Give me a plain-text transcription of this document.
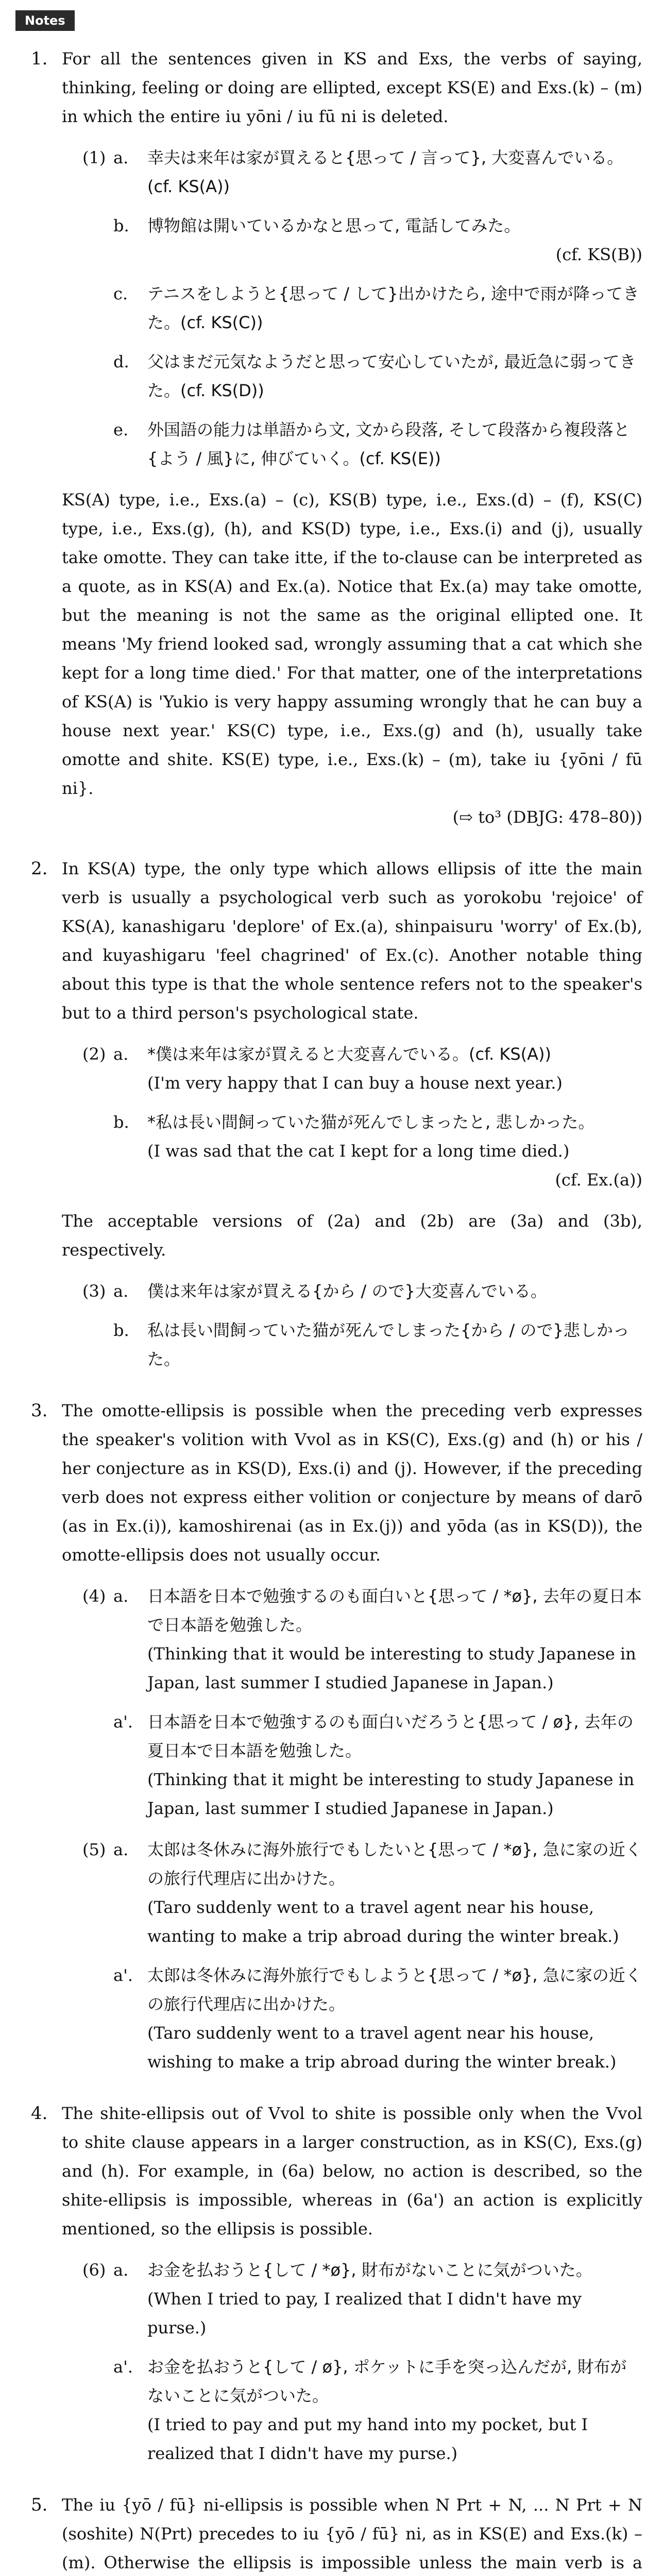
Notes
1. For all the sentences given in KS and Exs, the verbs of saying, thinking, feeling or doing are ellipted, except KS(E) and Exs.(k) – (m) in which the entire iu yōni / iu fū ni is deleted.

(1) a. 幸夫は来年は家が買えると{思って / 言って}, 大変喜んでいる。(cf. KS(A))

b. 博物館は開いているかなと思って, 電話してみた。

(cf. KS(B))

c. テニスをしようと{思って / して}出かけたら, 途中で雨が降ってきた。(cf. KS(C))

d. 父はまだ元気なようだと思って安心していたが, 最近急に弱ってきた。(cf. KS(D))

e. 外国語の能力は単語から文, 文から段落, そして段落から複段落と{よう / 風}に, 伸びていく。(cf. KS(E))

KS(A) type, i.e., Exs.(a) – (c), KS(B) type, i.e., Exs.(d) – (f), KS(C) type, i.e., Exs.(g), (h), and KS(D) type, i.e., Exs.(i) and (j), usually take omotte. They can take itte, if the to-clause can be interpreted as a quote, as in KS(A) and Ex.(a). Notice that Ex.(a) may take omotte, but the meaning is not the same as the original ellipted one. It means 'My friend looked sad, wrongly assuming that a cat which she kept for a long time died.' For that matter, one of the interpretations of KS(A) is 'Yukio is very happy assuming wrongly that he can buy a house next year.' KS(C) type, i.e., Exs.(g) and (h), usually take omotte and shite. KS(E) type, i.e., Exs.(k) – (m), take iu {yōni / fū ni}.

(⇨ to³ (DBJG: 478–80))

2. In KS(A) type, the only type which allows ellipsis of itte the main verb is usually a psychological verb such as yorokobu 'rejoice' of KS(A), kanashigaru 'deplore' of Ex.(a), shinpaisuru 'worry' of Ex.(b), and kuyashigaru 'feel chagrined' of Ex.(c). Another notable thing about this type is that the whole sentence refers not to the speaker's but to a third person's psychological state.

(2) a. *僕は来年は家が買えると大変喜んでいる。(cf. KS(A))

(I'm very happy that I can buy a house next year.)

b. *私は長い間飼っていた猫が死んでしまったと, 悲しかった。

(I was sad that the cat I kept for a long time died.)

(cf. Ex.(a))

The acceptable versions of (2a) and (2b) are (3a) and (3b), respectively.

(3) a. 僕は来年は家が買える{から / ので}大変喜んでいる。

b. 私は長い間飼っていた猫が死んでしまった{から / ので}悲しかった。

3. The omotte-ellipsis is possible when the preceding verb expresses the speaker's volition with Vvol as in KS(C), Exs.(g) and (h) or his / her conjecture as in KS(D), Exs.(i) and (j). However, if the preceding verb does not express either volition or conjecture by means of darō (as in Ex.(i)), kamoshirenai (as in Ex.(j)) and yōda (as in KS(D)), the omotte-ellipsis does not usually occur.

(4) a. 日本語を日本で勉強するのも面白いと{思って / *ø}, 去年の夏日本で日本語を勉強した。

(Thinking that it would be interesting to study Japanese in Japan, last summer I studied Japanese in Japan.)

a'. 日本語を日本で勉強するのも面白いだろうと{思って / ø}, 去年の夏日本で日本語を勉強した。

(Thinking that it might be interesting to study Japanese in Japan, last summer I studied Japanese in Japan.)

(5) a. 太郎は冬休みに海外旅行でもしたいと{思って / *ø}, 急に家の近くの旅行代理店に出かけた。

(Taro suddenly went to a travel agent near his house, wanting to make a trip abroad during the winter break.)

a'. 太郎は冬休みに海外旅行でもしようと{思って / *ø}, 急に家の近くの旅行代理店に出かけた。

(Taro suddenly went to a travel agent near his house, wishing to make a trip abroad during the winter break.)

4. The shite-ellipsis out of Vvol to shite is possible only when the Vvol to shite clause appears in a larger construction, as in KS(C), Exs.(g) and (h). For example, in (6a) below, no action is described, so the shite-ellipsis is impossible, whereas in (6a') an action is explicitly mentioned, so the ellipsis is possible.

(6) a. お金を払おうと{して / *ø}, 財布がないことに気がついた。

(When I tried to pay, I realized that I didn't have my purse.)

a'. お金を払おうと{して / ø}, ポケットに手を突っ込んだが, 財布がないことに気がついた。

(I tried to pay and put my hand into my pocket, but I realized that I didn't have my purse.)

5. The iu {yō / fū} ni-ellipsis is possible when N Prt + N, ... N Prt + N (soshite) N(Prt) precedes to iu {yō / fū} ni, as in KS(E) and Exs.(k) – (m). Otherwise the ellipsis is impossible unless the main verb is a
